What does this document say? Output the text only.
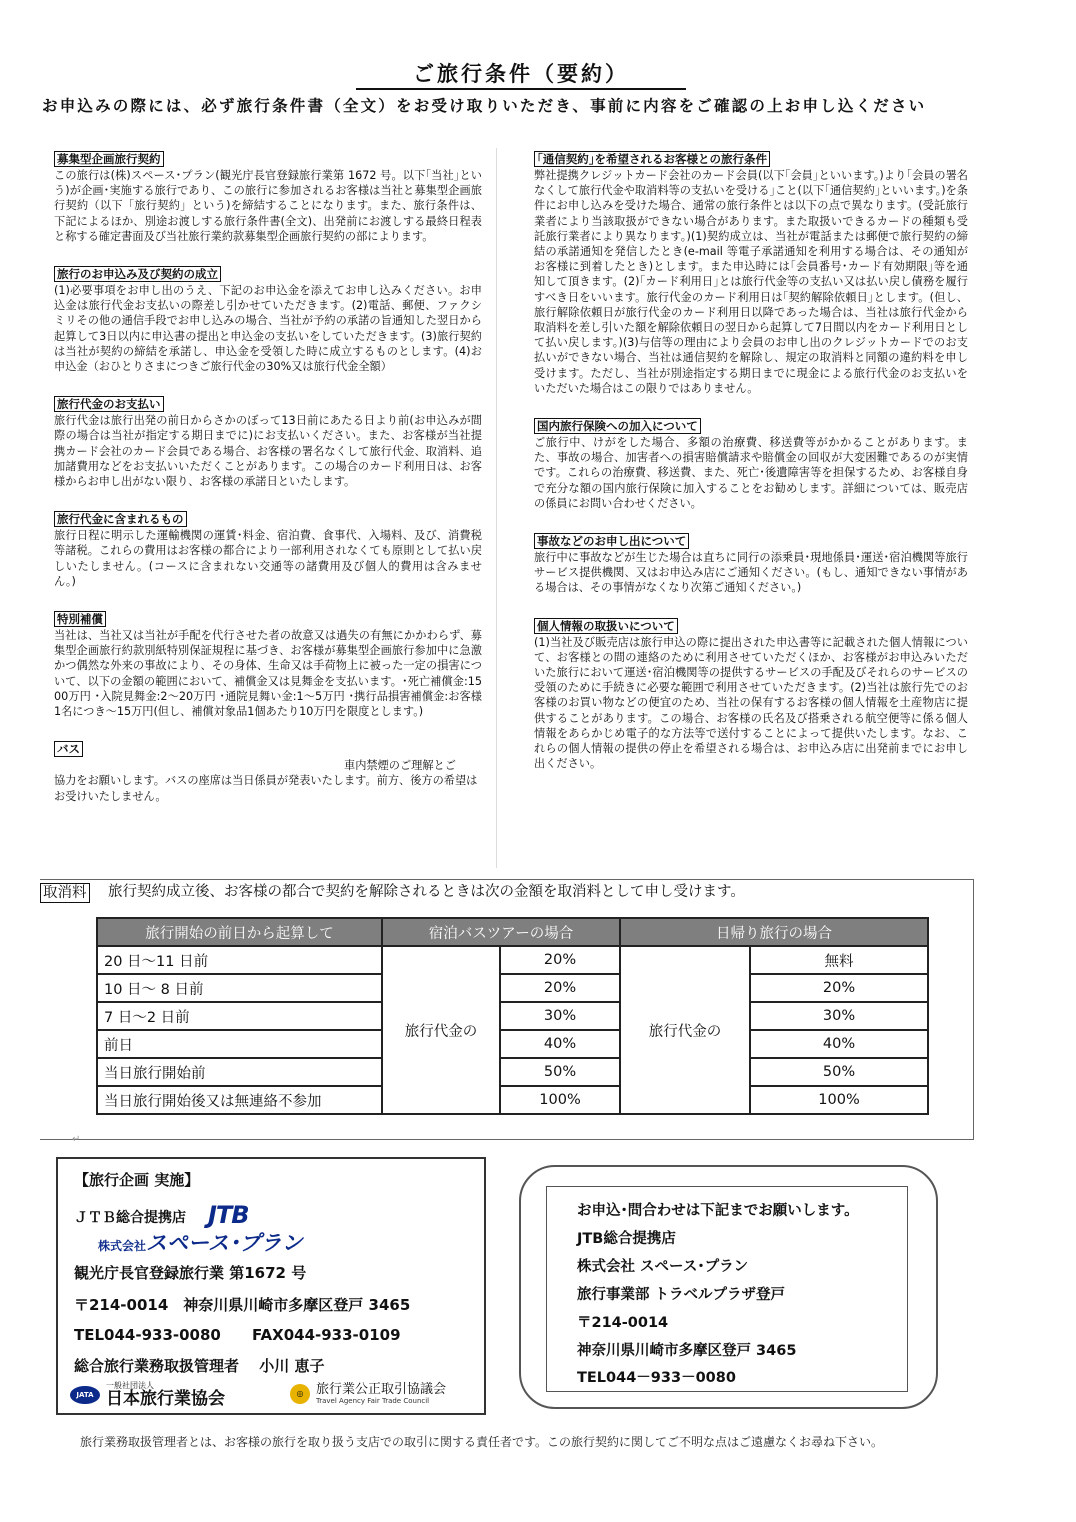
ご旅行条件（要約）
お申込みの際には、必ず旅行条件書（全文）をお受け取りいただき、事前に内容をご確認の上お申し込ください
募集型企画旅行契約
この旅行は(株)スペース･プラン(観光庁長官登録旅行業第 1672 号。以下｢当社｣という)が企画･実施する旅行であり、この旅行に参加されるお客様は当社と募集型企画旅行契約（以下「旅行契約」という)を締結することになります。また、旅行条件は、下記によるほか、別途お渡しする旅行条件書(全文)、出発前にお渡しする最終日程表と称する確定書面及び当社旅行業約款募集型企画旅行契約の部によります。
旅行のお申込み及び契約の成立
(1)必要事項をお申し出のうえ、下記のお申込金を添えてお申し込みください。お申込金は旅行代金お支払いの際差し引かせていただきます。(2)電話、郵便、ファクシミリその他の通信手段でお申し込みの場合、当社が予約の承諾の旨通知した翌日から起算して3日以内に申込書の提出と申込金の支払いをしていただきます。(3)旅行契約は当社が契約の締結を承諾し、申込金を受領した時に成立するものとします。(4)お申込金（おひとりさまにつきご旅行代金の30%又は旅行代金全額）
旅行代金のお支払い
旅行代金は旅行出発の前日からさかのぼって13日前にあたる日より前(お申込みが間際の場合は当社が指定する期日までに)にお支払いください。また、お客様が当社提携カード会社のカード会員である場合、お客様の署名なくして旅行代金、取消料、追加諸費用などをお支払いいただくことがあります。この場合のカード利用日は、お客様からお申し出がない限り、お客様の承諾日といたします。
旅行代金に含まれるもの
旅行日程に明示した運輸機関の運賃･料金、宿泊費、食事代、入場料、及び、消費税等諸税。これらの費用はお客様の都合により一部利用されなくても原則として払い戻しいたしません。(コースに含まれない交通等の諸費用及び個人的費用は含みません。)
特別補償
当社は、当社又は当社が手配を代行させた者の故意又は過失の有無にかかわらず、募集型企画旅行約款別紙特別保証規程に基づき、お客様が募集型企画旅行参加中に急激かつ偶然な外来の事故により、その身体、生命又は手荷物上に被った一定の損害について、以下の金額の範囲において、補償金又は見舞金を支払います。･死亡補償金:1500万円 ･入院見舞金:2～20万円 ･通院見舞い金:1～5万円 ･携行品損害補償金:お客様1名につき～15万円(但し、補償対象品1個あたり10万円を限度とします。)
バス
車内禁煙のご理解とご
協力をお願いします。バスの座席は当日係員が発表いたします。前方、後方の希望はお受けいたしません。
｢通信契約｣を希望されるお客様との旅行条件
弊社提携クレジットカード会社のカード会員(以下｢会員｣といいます。)より｢会員の署名なくして旅行代金や取消料等の支払いを受ける｣こと(以下｢通信契約｣といいます。)を条件にお申し込みを受けた場合、通常の旅行条件とは以下の点で異なります。(受託旅行業者により当該取扱ができない場合があります。また取扱いできるカードの種類も受託旅行業者により異なります。)(1)契約成立は、当社が電話または郵便で旅行契約の締結の承諾通知を発信したとき(e-mail 等電子承諾通知を利用する場合は、その通知がお客様に到着したとき)とします。また申込時には｢会員番号･カード有効期限｣等を通知して頂きます。(2)｢カード利用日｣とは旅行代金等の支払い又は払い戻し債務を履行すべき日をいいます。旅行代金のカード利用日は｢契約解除依頼日｣とします。(但し、旅行解除依頼日が旅行代金のカード利用日以降であった場合は、当社は旅行代金から取消料を差し引いた額を解除依頼日の翌日から起算して7日間以内をカード利用日として払い戻します。)(3)与信等の理由により会員のお申し出のクレジットカードでのお支払いができない場合、当社は通信契約を解除し、規定の取消料と同額の違約料を申し受けます。ただし、当社が別途指定する期日までに現金による旅行代金のお支払いをいただいた場合はこの限りではありません。
国内旅行保険への加入について
ご旅行中、けがをした場合、多額の治療費、移送費等がかかることがあります。また、事故の場合、加害者への損害賠償請求や賠償金の回収が大変困難であるのが実情です。これらの治療費、移送費、また、死亡･後遺障害等を担保するため、お客様自身で充分な額の国内旅行保険に加入することをお勧めします。詳細については、販売店の係員にお問い合わせください。
事故などのお申し出について
旅行中に事故などが生じた場合は直ちに同行の添乗員･現地係員･運送･宿泊機関等旅行サービス提供機関、又はお申込み店にご通知ください。(もし、通知できない事情がある場合は、その事情がなくなり次第ご通知ください。)
個人情報の取扱いについて
(1)当社及び販売店は旅行申込の際に提出された申込書等に記載された個人情報について、お客様との間の連絡のために利用させていただくほか、お客様がお申込みいただいた旅行において運送･宿泊機関等の提供するサービスの手配及びそれらのサービスの受領のために手続きに必要な範囲で利用させていただきます。(2)当社は旅行先でのお客様のお買い物などの便宜のため、当社の保有するお客様の個人情報を土産物店に提供することがあります。この場合、お客様の氏名及び搭乗される航空便等に係る個人情報をあらかじめ電子的な方法等で送付することによって提供いたします。なお、これらの個人情報の提供の停止を希望される場合は、お申込み店に出発前までにお申し出ください。
取消料 旅行契約成立後、お客様の都合で契約を解除されるときは次の金額を取消料として申し受けます。
旅行開始の前日から起算して	宿泊バスツアーの場合		日帰り旅行の場合	
20 日～11 日前	旅行代金の	20%	旅行代金の	無料
10 日～ 8 日前		20%		20%
7 日～2 日前		30%		30%
前日		40%		40%
当日旅行開始前		50%		50%
当日旅行開始後又は無連絡不参加		100%		100%
↵
【旅行企画 実施】
ＪＴＢ総合提携店 JTB
株式会社スペース･プラン
観光庁長官登録旅行業 第1672 号
〒214-0014　神奈川県川崎市多摩区登戸 3465
TEL044-933-0080 FAX044-933-0109
総合旅行業務取扱管理者　 小川 恵子
JATA
一般社団法人
日本旅行業協会	◎ 旅行業公正取引協議会
Travel Agency Fair Trade Council
お申込･問合わせは下記までお願いします。
JTB総合提携店
株式会社 スペース･プラン
旅行事業部 トラベルプラザ登戸
〒214-0014
神奈川県川崎市多摩区登戸 3465
TEL044－933－0080
旅行業務取扱管理者とは、お客様の旅行を取り扱う支店での取引に関する責任者です。この旅行契約に関してご不明な点はご遠慮なくお尋ね下さい。
